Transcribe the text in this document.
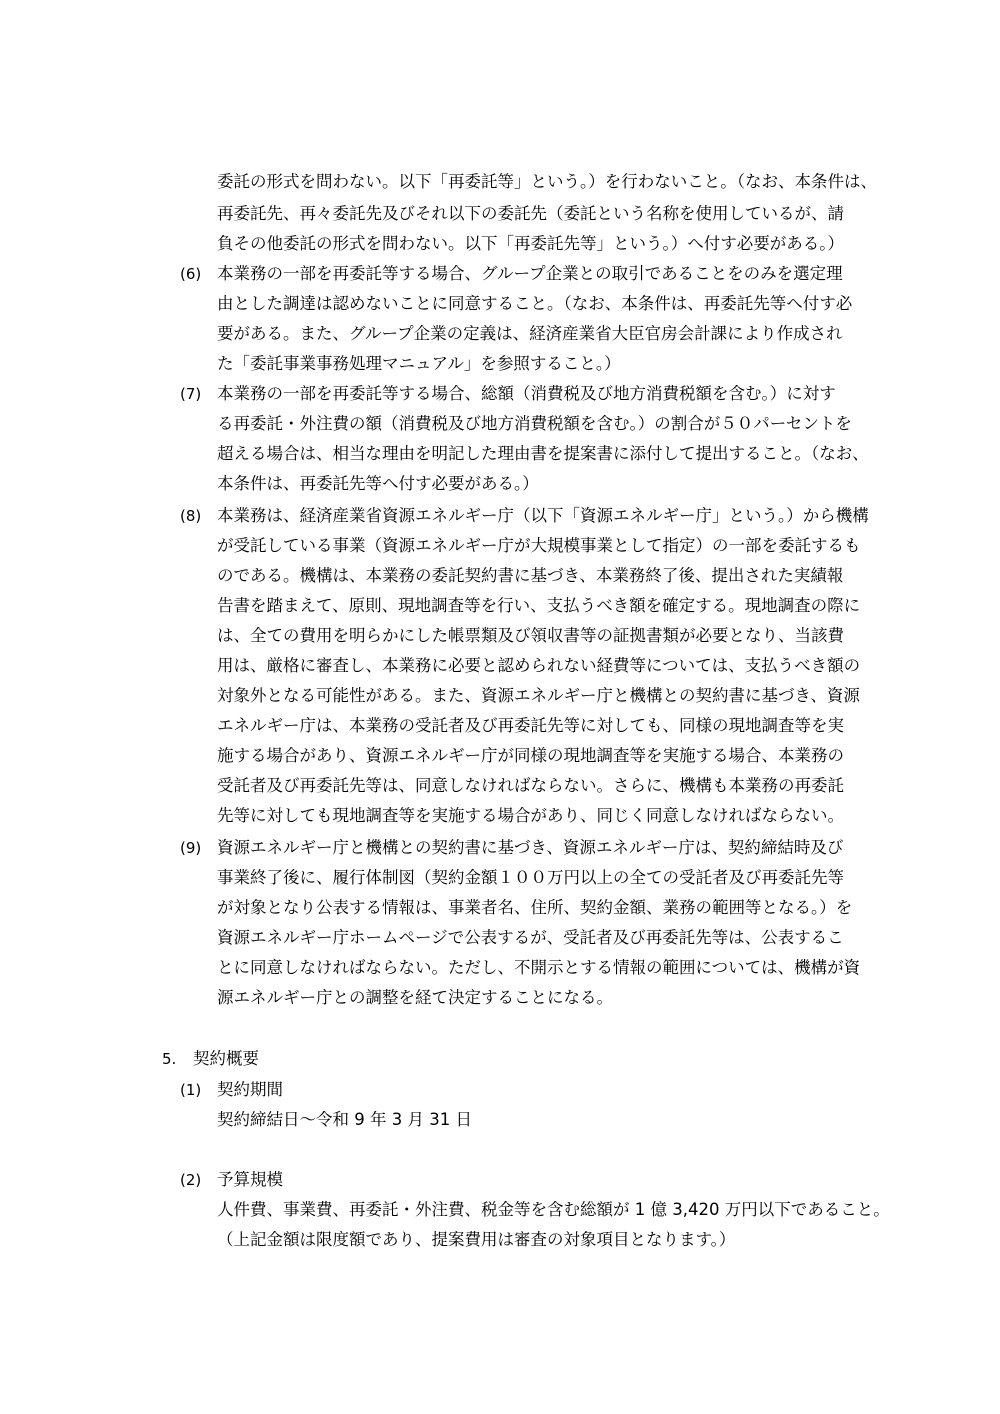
委託の形式を問わない。以下「再委託等」という。）を行わないこと。（なお、本条件は、
再委託先、再々委託先及びそれ以下の委託先（委託という名称を使用しているが、請
負その他委託の形式を問わない。以下「再委託先等」という。）へ付す必要がある。）
(6) 本業務の一部を再委託等する場合、グループ企業との取引であることをのみを選定理
由とした調達は認めないことに同意すること。（なお、本条件は、再委託先等へ付す必
要がある。また、グループ企業の定義は、経済産業省大臣官房会計課により作成され
た「委託事業事務処理マニュアル」を参照すること。）
(7) 本業務の一部を再委託等する場合、総額（消費税及び地方消費税額を含む。）に対す
る再委託・外注費の額（消費税及び地方消費税額を含む。）の割合が５０パーセントを
超える場合は、相当な理由を明記した理由書を提案書に添付して提出すること。（なお、
本条件は、再委託先等へ付す必要がある。）
(8) 本業務は、経済産業省資源エネルギー庁（以下「資源エネルギー庁」という。）から機構
が受託している事業（資源エネルギー庁が大規模事業として指定）の一部を委託するも
のである。機構は、本業務の委託契約書に基づき、本業務終了後、提出された実績報
告書を踏まえて、原則、現地調査等を行い、支払うべき額を確定する。現地調査の際に
は、全ての費用を明らかにした帳票類及び領収書等の証拠書類が必要となり、当該費
用は、厳格に審査し、本業務に必要と認められない経費等については、支払うべき額の
対象外となる可能性がある。また、資源エネルギー庁と機構との契約書に基づき、資源
エネルギー庁は、本業務の受託者及び再委託先等に対しても、同様の現地調査等を実
施する場合があり、資源エネルギー庁が同様の現地調査等を実施する場合、本業務の
受託者及び再委託先等は、同意しなければならない。さらに、機構も本業務の再委託
先等に対しても現地調査等を実施する場合があり、同じく同意しなければならない。
(9) 資源エネルギー庁と機構との契約書に基づき、資源エネルギー庁は、契約締結時及び
事業終了後に、履行体制図（契約金額１００万円以上の全ての受託者及び再委託先等
が対象となり公表する情報は、事業者名、住所、契約金額、業務の範囲等となる。）を
資源エネルギー庁ホームページで公表するが、受託者及び再委託先等は、公表するこ
とに同意しなければならない。ただし、不開示とする情報の範囲については、機構が資
源エネルギー庁との調整を経て決定することになる。
5. 契約概要
(1) 契約期間
契約締結日～令和 9 年 3 月 31 日
(2) 予算規模
人件費、事業費、再委託・外注費、税金等を含む総額が 1 億 3,420 万円以下であること。
（上記金額は限度額であり、提案費用は審査の対象項目となります。）
